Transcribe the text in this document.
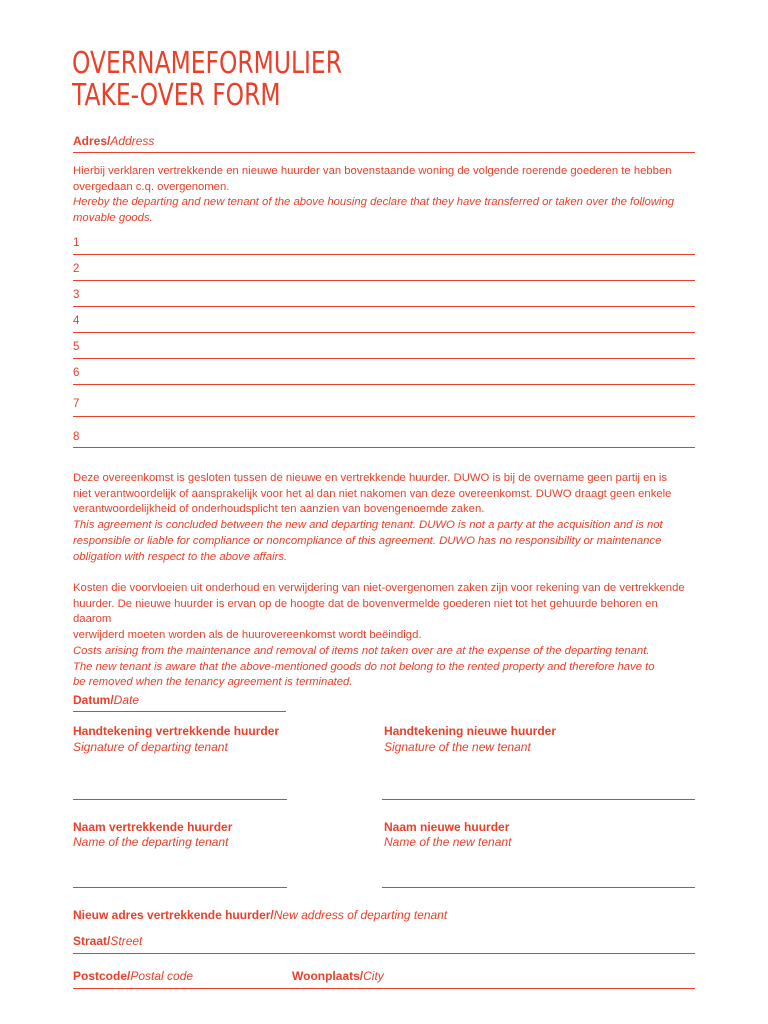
OVERNAMEFORMULIER
TAKE-OVER FORM
Adres/Address

Hierbij verklaren vertrekkende en nieuwe huurder van bovenstaande woning de volgende roerende goederen te hebben overgedaan c.q. overgenomen.

Hereby the departing and new tenant of the above housing declare that they have transferred or taken over the following movable goods.

1
2
3
4
5
6
7
8

Deze overeenkomst is gesloten tussen de nieuwe en vertrekkende huurder. DUWO is bij de overname geen partij en is

niet verantwoordelijk of aansprakelijk voor het al dan niet nakomen van deze overeenkomst. DUWO draagt geen enkele

verantwoordelijkheid of onderhoudsplicht ten aanzien van bovengenoemde zaken.

This agreement is concluded between the new and departing tenant. DUWO is not a party at the acquisition and is not

responsible or liable for compliance or noncompliance of this agreement. DUWO has no responsibility or maintenance

obligation with respect to the above affairs.

Kosten die voorvloeien uit onderhoud en verwijdering van niet-overgenomen zaken zijn voor rekening van de vertrekkende

huurder. De nieuwe huurder is ervan op de hoogte dat de bovenvermelde goederen niet tot het gehuurde behoren en daarom

verwijderd moeten worden als de huurovereenkomst wordt beëindigd.

Costs arising from the maintenance and removal of items not taken over are at the expense of the departing tenant.

The new tenant is aware that the above-mentioned goods do not belong to the rented property and therefore have to

be removed when the tenancy agreement is terminated.

Datum/Date
Handtekening vertrekkende huurder
Signature of departing tenant
Handtekening nieuwe huurder
Signature of the new tenant
Naam vertrekkende huurder
Name of the departing tenant
Naam nieuwe huurder
Name of the new tenant
Nieuw adres vertrekkende huurder/New address of departing tenant
Straat/Street
Postcode/Postal code	Woonplaats/City
